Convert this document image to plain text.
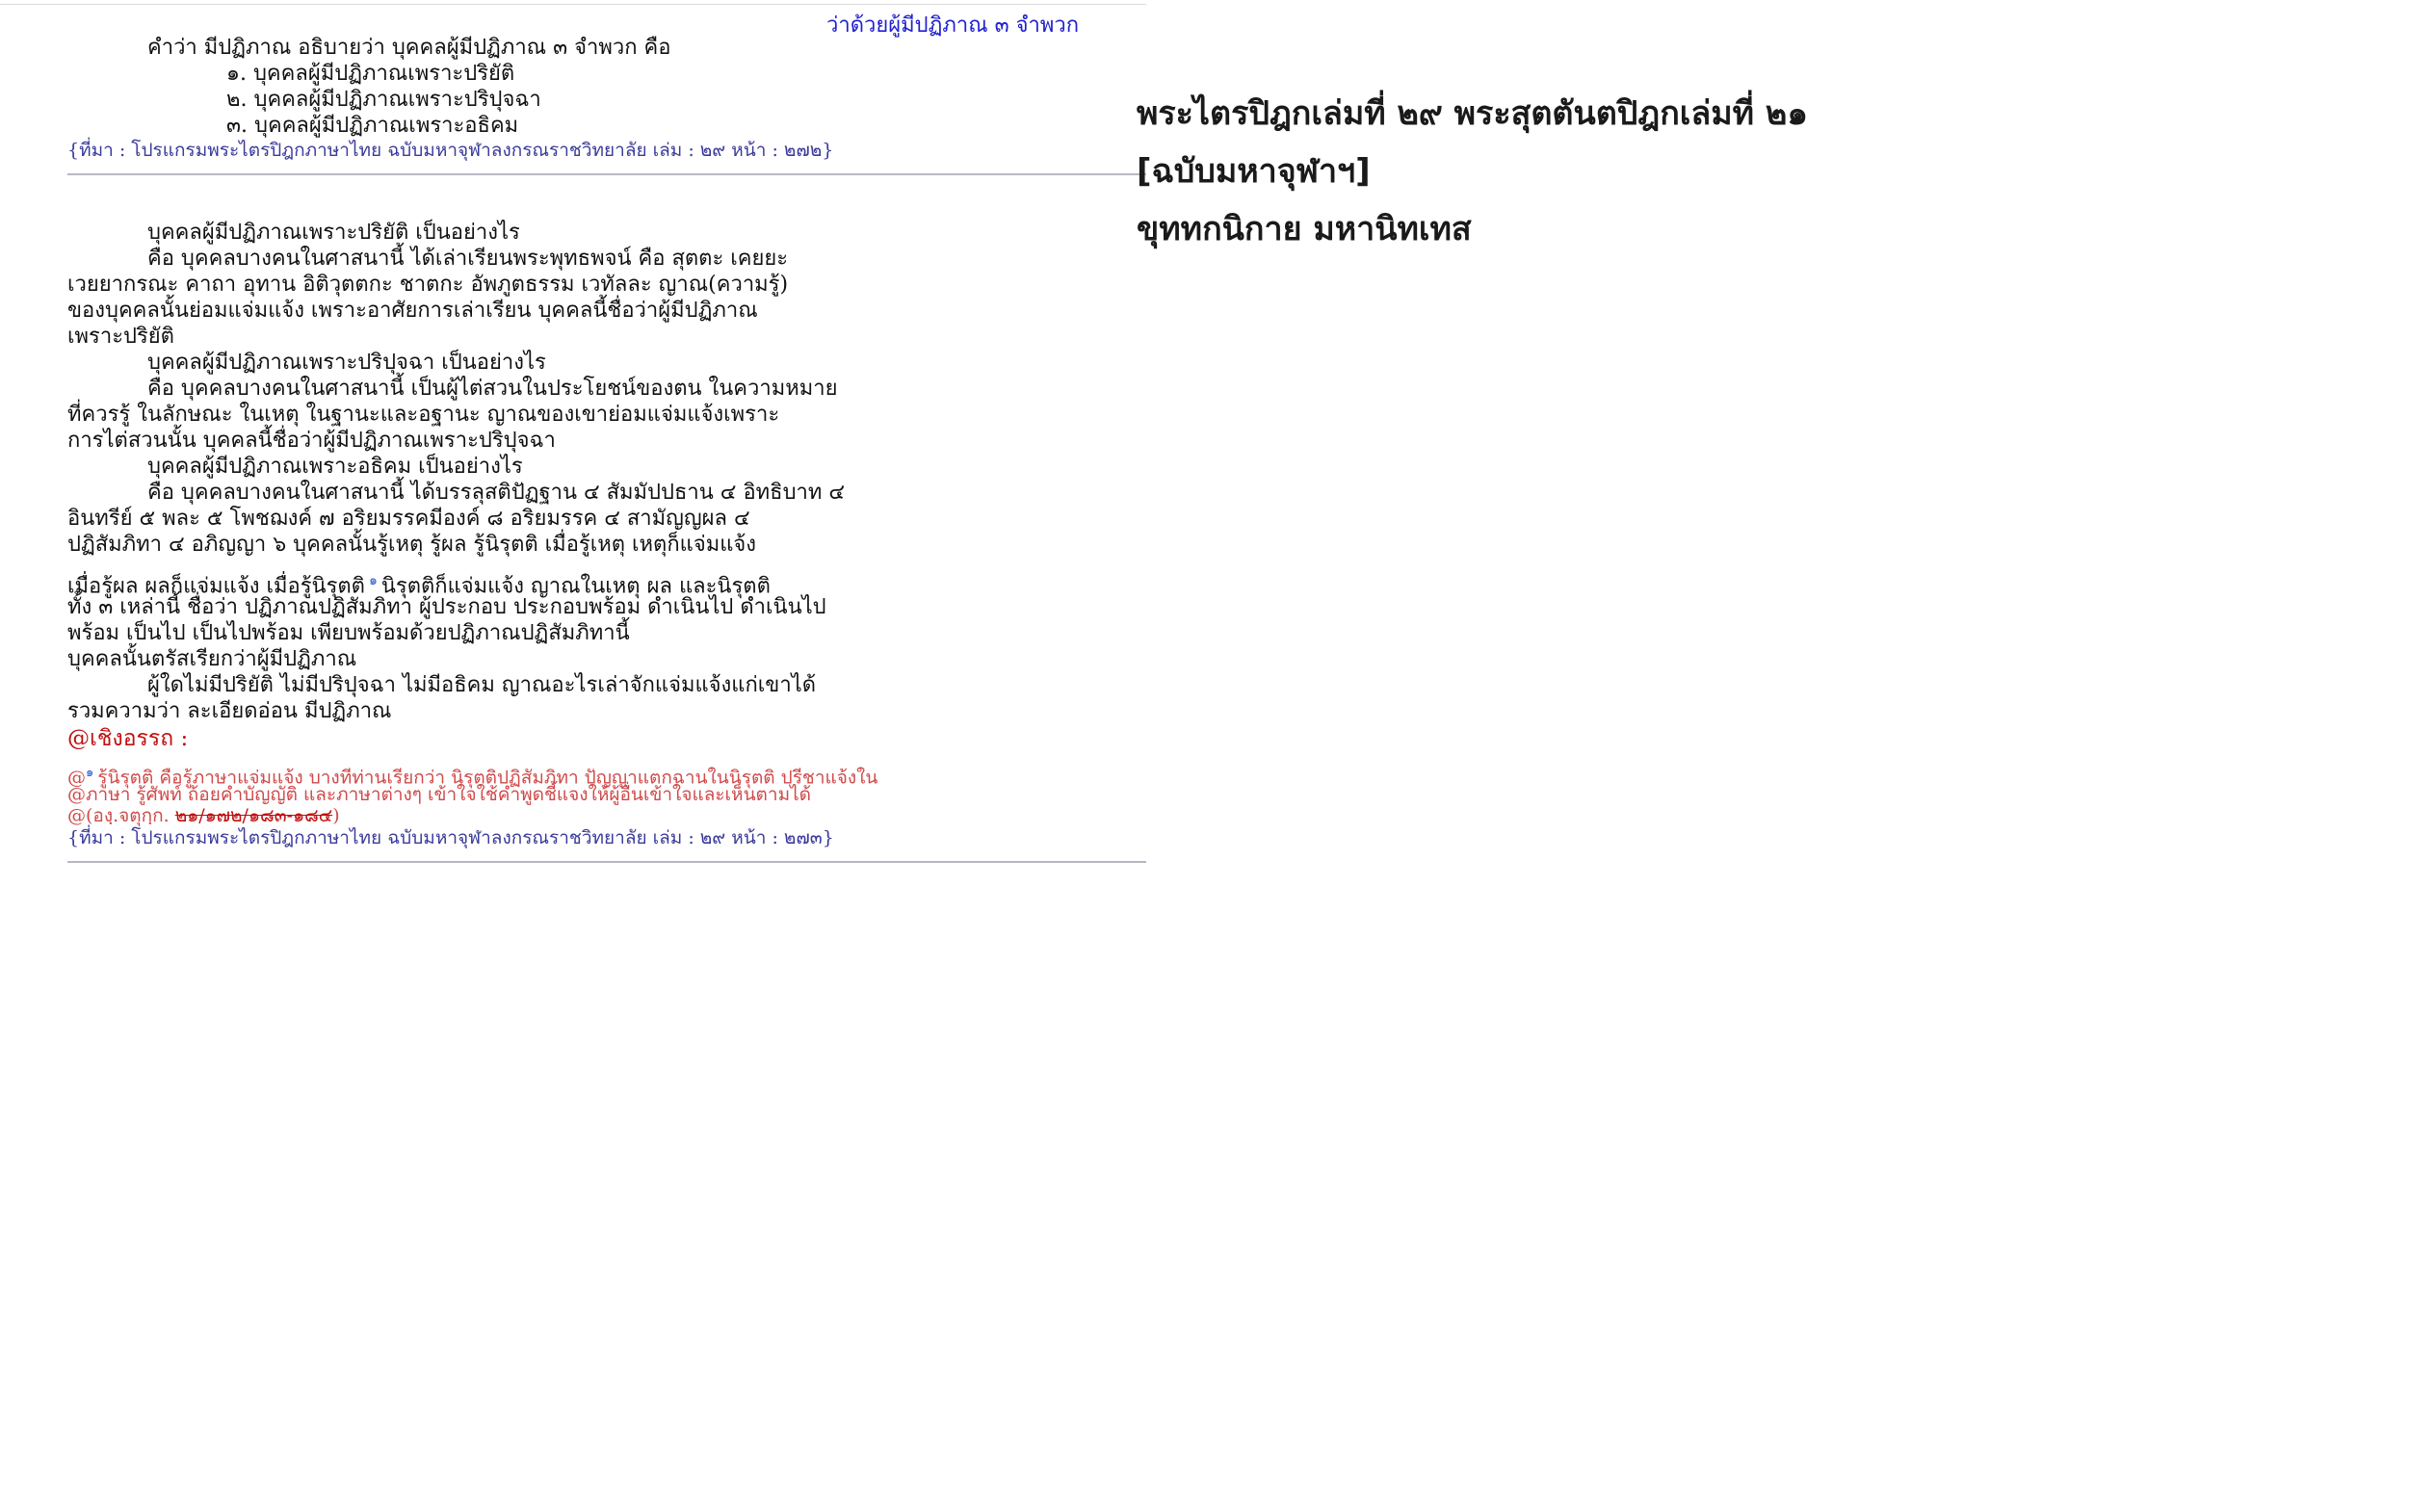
ว่าด้วยผู้มีปฏิภาณ ๓ จำพวก
คำว่า มีปฏิภาณ อธิบายว่า บุคคลผู้มีปฏิภาณ ๓ จำพวก คือ
๑. บุคคลผู้มีปฏิภาณเพราะปริยัติ
๒. บุคคลผู้มีปฏิภาณเพราะปริปุจฉา
๓. บุคคลผู้มีปฏิภาณเพราะอธิคม
{ที่มา : โปรแกรมพระไตรปิฎกภาษาไทย ฉบับมหาจุฬาลงกรณราชวิทยาลัย เล่ม : ๒๙ หน้า : ๒๗๒}
บุคคลผู้มีปฏิภาณเพราะปริยัติ เป็นอย่างไร
คือ บุคคลบางคนในศาสนานี้ ได้เล่าเรียนพระพุทธพจน์ คือ สุตตะ เคยยะ
เวยยากรณะ คาถา อุทาน อิติวุตตกะ ชาตกะ อัพภูตธรรม เวทัลละ ญาณ(ความรู้)
ของบุคคลนั้นย่อมแจ่มแจ้ง เพราะอาศัยการเล่าเรียน บุคคลนี้ชื่อว่าผู้มีปฏิภาณ
เพราะปริยัติ
บุคคลผู้มีปฏิภาณเพราะปริปุจฉา เป็นอย่างไร
คือ บุคคลบางคนในศาสนานี้ เป็นผู้ไต่สวนในประโยชน์ของตน ในความหมาย
ที่ควรรู้ ในลักษณะ ในเหตุ ในฐานะและอฐานะ ญาณของเขาย่อมแจ่มแจ้งเพราะ
การไต่สวนนั้น บุคคลนี้ชื่อว่าผู้มีปฏิภาณเพราะปริปุจฉา
บุคคลผู้มีปฏิภาณเพราะอธิคม เป็นอย่างไร
คือ บุคคลบางคนในศาสนานี้ ได้บรรลุสติปัฏฐาน ๔ สัมมัปปธาน ๔ อิทธิบาท ๔
อินทรีย์ ๕ พละ ๕ โพชฌงค์ ๗ อริยมรรคมีองค์ ๘ อริยมรรค ๔ สามัญญผล ๔
ปฏิสัมภิทา ๔ อภิญญา ๖ บุคคลนั้นรู้เหตุ รู้ผล รู้นิรุตติ เมื่อรู้เหตุ เหตุก็แจ่มแจ้ง
เมื่อรู้ผล ผลก็แจ่มแจ้ง เมื่อรู้นิรุตติ $^๑$ นิรุตติก็แจ่มแจ้ง ญาณในเหตุ ผล และนิรุตติ
ทั้ง ๓ เหล่านี้ ชื่อว่า ปฏิภาณปฏิสัมภิทา ผู้ประกอบ ประกอบพร้อม ดำเนินไป ดำเนินไป
พร้อม เป็นไป เป็นไปพร้อม เพียบพร้อมด้วยปฏิภาณปฏิสัมภิทานี้
บุคคลนั้นตรัสเรียกว่าผู้มีปฏิภาณ
ผู้ใดไม่มีปริยัติ ไม่มีปริปุจฉา ไม่มีอธิคม ญาณอะไรเล่าจักแจ่มแจ้งแก่เขาได้
รวมความว่า ละเอียดอ่อน มีปฏิภาณ
@เชิงอรรถ :
@$^๑$ รู้นิรุตติ คือรู้ภาษาแจ่มแจ้ง บางทีท่านเรียกว่า นิรุตติปฏิสัมภิทา ปัญญาแตกฉานในนิรุตติ ปรีชาแจ้งใน
@ภาษา รู้ศัพท์ ถ้อยคำบัญญัติ และภาษาต่างๆ เข้าใจใช้คำพูดชี้แจงให้ผู้อื่นเข้าใจและเห็นตามได้
@(องฺ.จตุกฺก. ๒๑/๑๗๒/๑๘๓-๑๘๔)
{ที่มา : โปรแกรมพระไตรปิฎกภาษาไทย ฉบับมหาจุฬาลงกรณราชวิทยาลัย เล่ม : ๒๙ หน้า : ๒๗๓}
พระไตรปิฎกเล่มที่ ๒๙ พระสุตตันตปิฎกเล่มที่ ๒๑
[ฉบับมหาจุฬาฯ]
ขุททกนิกาย มหานิทเทส
